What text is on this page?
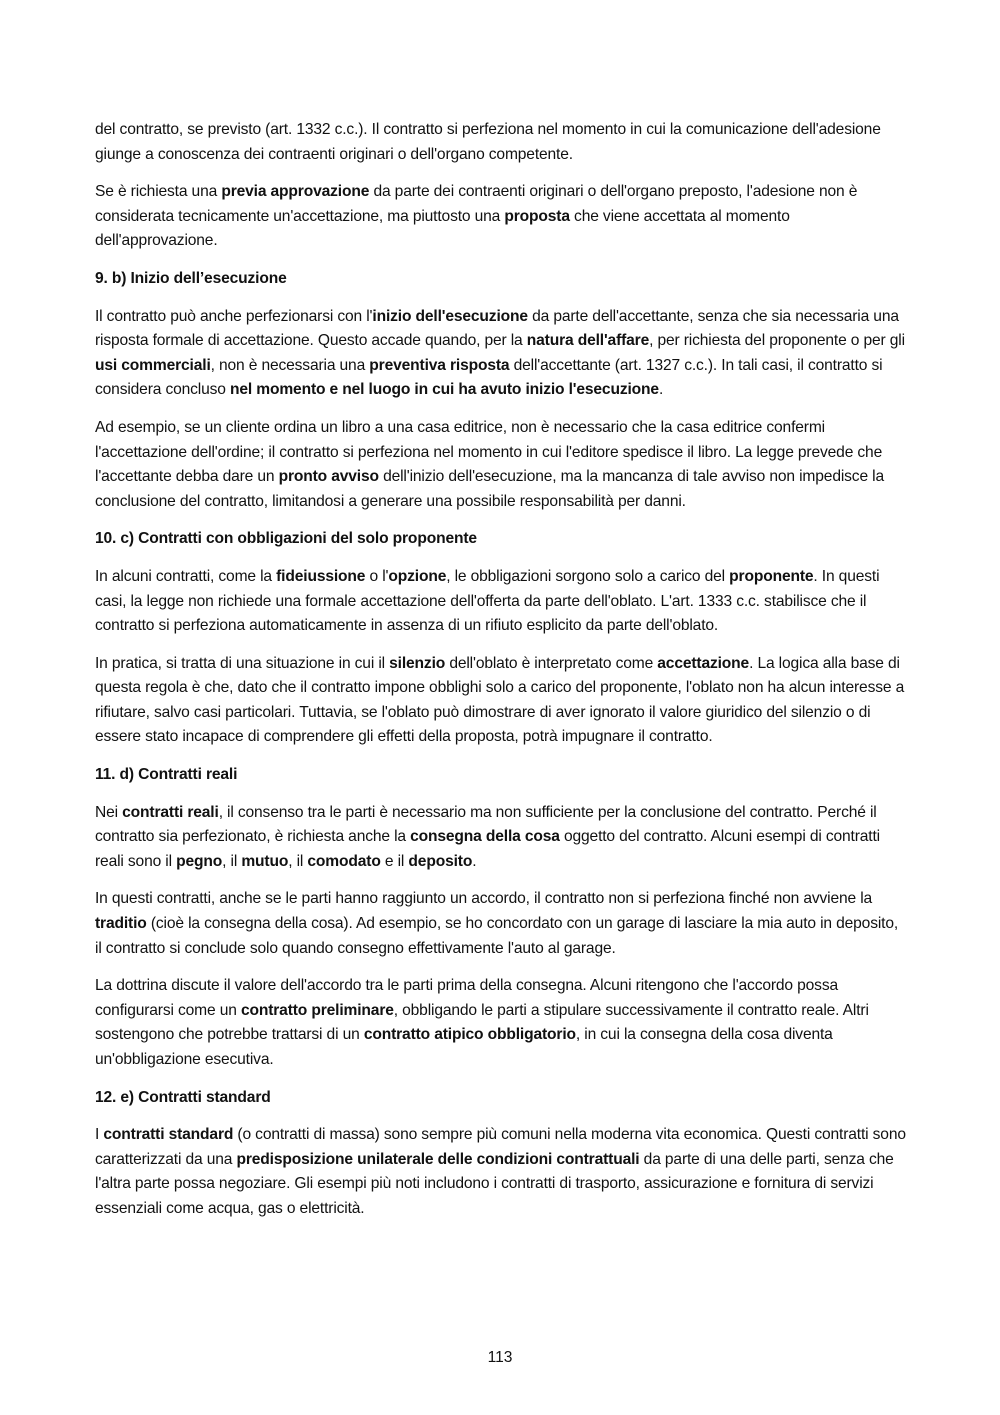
del contratto, se previsto (art. 1332 c.c.). Il contratto si perfeziona nel momento in cui la comunicazione dell'adesione giunge a conoscenza dei contraenti originari o dell'organo competente.

Se è richiesta una previa approvazione da parte dei contraenti originari o dell'organo preposto, l'adesione non è considerata tecnicamente un'accettazione, ma piuttosto una proposta che viene accettata al momento dell'approvazione.

9. b) Inizio dell’esecuzione

Il contratto può anche perfezionarsi con l'inizio dell'esecuzione da parte dell'accettante, senza che sia necessaria una risposta formale di accettazione. Questo accade quando, per la natura dell'affare, per richiesta del proponente o per gli usi commerciali, non è necessaria una preventiva risposta dell'accettante (art. 1327 c.c.). In tali casi, il contratto si considera concluso nel momento e nel luogo in cui ha avuto inizio l'esecuzione.

Ad esempio, se un cliente ordina un libro a una casa editrice, non è necessario che la casa editrice confermi l'accettazione dell'ordine; il contratto si perfeziona nel momento in cui l'editore spedisce il libro. La legge prevede che l'accettante debba dare un pronto avviso dell'inizio dell'esecuzione, ma la mancanza di tale avviso non impedisce la conclusione del contratto, limitandosi a generare una possibile responsabilità per danni.

10. c) Contratti con obbligazioni del solo proponente

In alcuni contratti, come la fideiussione o l'opzione, le obbligazioni sorgono solo a carico del proponente. In questi casi, la legge non richiede una formale accettazione dell'offerta da parte dell'oblato. L'art. 1333 c.c. stabilisce che il contratto si perfeziona automaticamente in assenza di un rifiuto esplicito da parte dell'oblato.

In pratica, si tratta di una situazione in cui il silenzio dell'oblato è interpretato come accettazione. La logica alla base di questa regola è che, dato che il contratto impone obblighi solo a carico del proponente, l'oblato non ha alcun interesse a rifiutare, salvo casi particolari. Tuttavia, se l'oblato può dimostrare di aver ignorato il valore giuridico del silenzio o di essere stato incapace di comprendere gli effetti della proposta, potrà impugnare il contratto.

11. d) Contratti reali

Nei contratti reali, il consenso tra le parti è necessario ma non sufficiente per la conclusione del contratto. Perché il contratto sia perfezionato, è richiesta anche la consegna della cosa oggetto del contratto. Alcuni esempi di contratti reali sono il pegno, il mutuo, il comodato e il deposito.

In questi contratti, anche se le parti hanno raggiunto un accordo, il contratto non si perfeziona finché non avviene la traditio (cioè la consegna della cosa). Ad esempio, se ho concordato con un garage di lasciare la mia auto in deposito, il contratto si conclude solo quando consegno effettivamente l'auto al garage.

La dottrina discute il valore dell'accordo tra le parti prima della consegna. Alcuni ritengono che l'accordo possa configurarsi come un contratto preliminare, obbligando le parti a stipulare successivamente il contratto reale. Altri sostengono che potrebbe trattarsi di un contratto atipico obbligatorio, in cui la consegna della cosa diventa un'obbligazione esecutiva.

12. e) Contratti standard

I contratti standard (o contratti di massa) sono sempre più comuni nella moderna vita economica. Questi contratti sono caratterizzati da una predisposizione unilaterale delle condizioni contrattuali da parte di una delle parti, senza che l'altra parte possa negoziare. Gli esempi più noti includono i contratti di trasporto, assicurazione e fornitura di servizi essenziali come acqua, gas o elettricità.

113
